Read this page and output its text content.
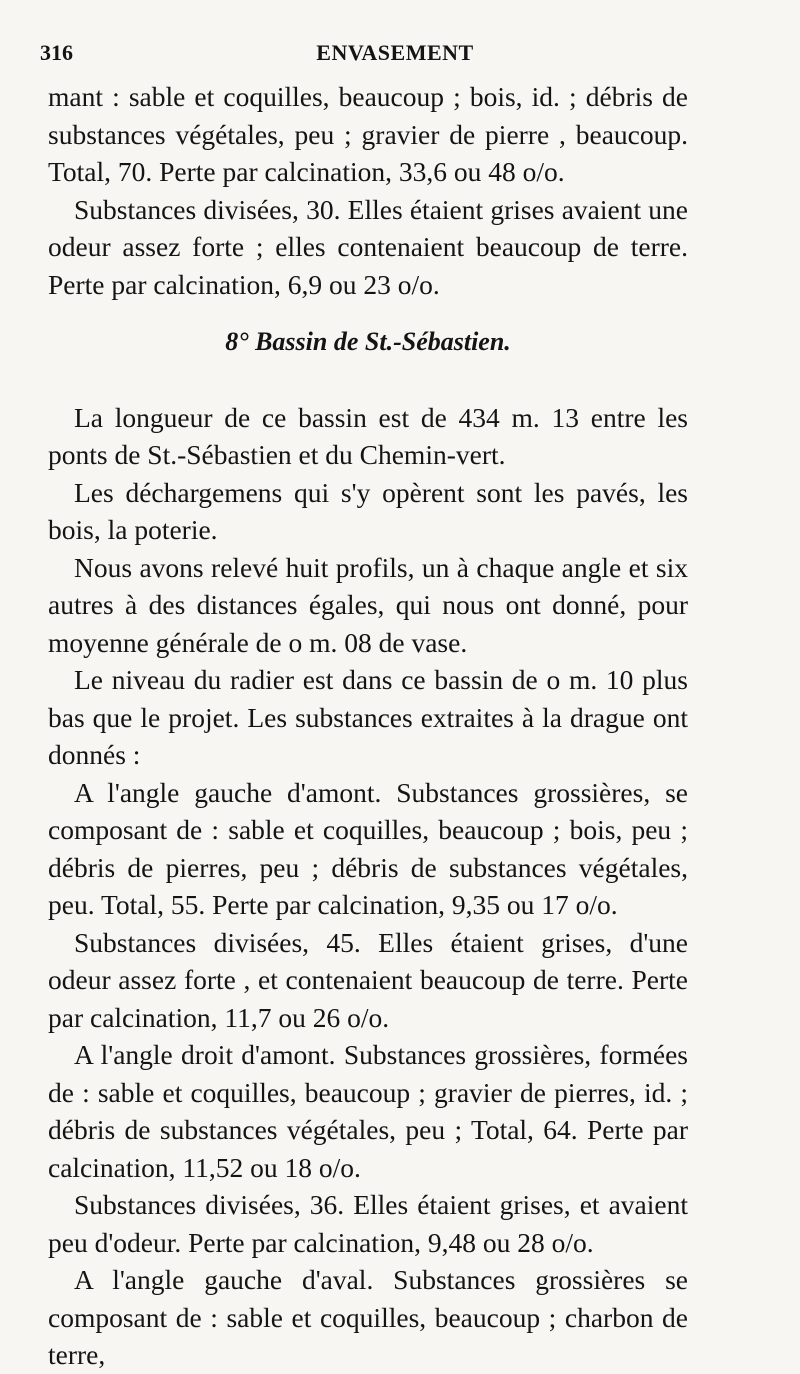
316	ENVASEMENT

mant : sable et coquilles, beaucoup ; bois, id. ; débris de substances végétales, peu ; gravier de pierre , beaucoup. Total, 70. Perte par calcination, 33,6 ou 48 o/o.

Substances divisées, 30. Elles étaient grises avaient une odeur assez forte ; elles contenaient beaucoup de terre. Perte par calcination, 6,9 ou 23 o/o.

8° Bassin de St.-Sébastien.

La longueur de ce bassin est de 434 m. 13 entre les ponts de St.-Sébastien et du Chemin-vert.

Les déchargemens qui s'y opèrent sont les pavés, les bois, la poterie.

Nous avons relevé huit profils, un à chaque angle et six autres à des distances égales, qui nous ont donné, pour moyenne générale de o m. 08 de vase.

Le niveau du radier est dans ce bassin de o m. 10 plus bas que le projet. Les substances extraites à la drague ont donnés :

A l'angle gauche d'amont. Substances grossières, se composant de : sable et coquilles, beaucoup ; bois, peu ; débris de pierres, peu ; débris de substances végétales, peu. Total, 55. Perte par calcination, 9,35 ou 17 o/o.

Substances divisées, 45. Elles étaient grises, d'une odeur assez forte , et contenaient beaucoup de terre. Perte par calcination, 11,7 ou 26 o/o.

A l'angle droit d'amont. Substances grossières, formées de : sable et coquilles, beaucoup ; gravier de pierres, id. ; débris de substances végétales, peu ; Total, 64. Perte par calcination, 11,52 ou 18 o/o.

Substances divisées, 36. Elles étaient grises, et avaient peu d'odeur. Perte par calcination, 9,48 ou 28 o/o.

A l'angle gauche d'aval. Substances grossières se composant de : sable et coquilles, beaucoup ; charbon de terre,
